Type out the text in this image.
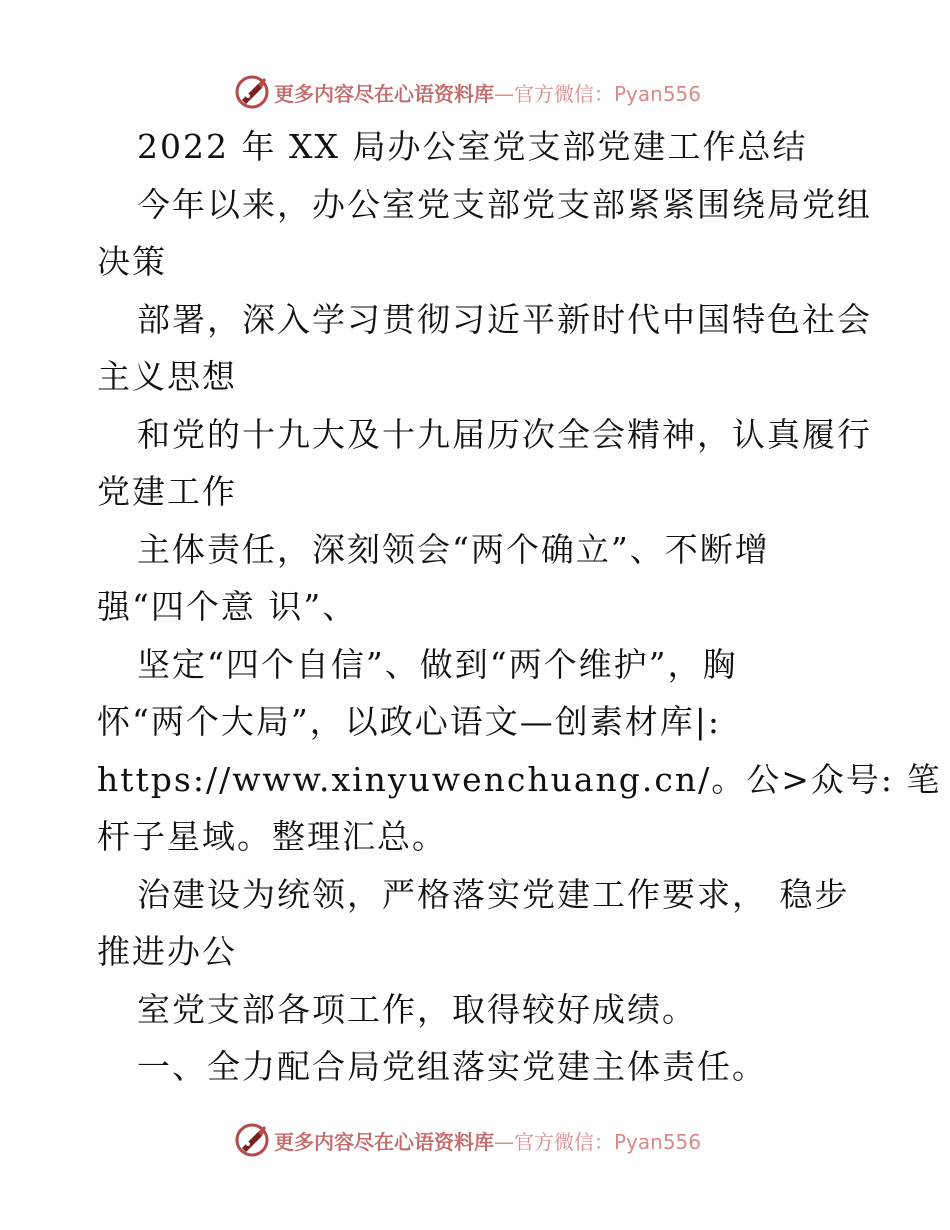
更多内容尽在心语资料库—官方微信：Pyan556
2022 年 XX 局办公室党支部党建工作总结
今年以来，办公室党支部党支部紧紧围绕局党组
决策
部署，深入学习贯彻习近平新时代中国特色社会
主义思想
和党的十九大及十九届历次全会精神，认真履行
党建工作
主体责任，深刻领会“两个确立”、不断增
强“四个意 识”、
坚定“四个自信”、做到“两个维护”，胸
怀“两个大局”，以政心语文—创素材库|:
https://www.xinyuwenchuang.cn/。公>众号: 笔
杆子星域。整理汇总。
治建设为统领，严格落实党建工作要求， 稳步
推进办公
室党支部各项工作，取得较好成绩。
一、全力配合局党组落实党建主体责任。
更多内容尽在心语资料库—官方微信：Pyan556
